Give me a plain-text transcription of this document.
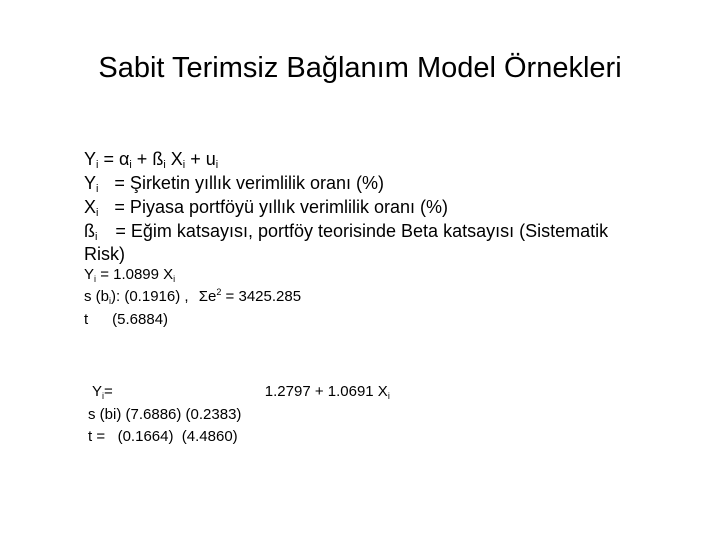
Sabit Terimsiz Bağlanım Model Örnekleri
$Y_i = \alpha_i$ + $ß_i$ $X_i + u_i$
$Y_i$ = Şirketin yıllık verimlilik oranı (%)
$X_i$ = Piyasa portföyü yıllık verimlilik oranı (%)
$ß_i$ = Eğim katsayısı, portföy teorisinde Beta katsayısı (Sistematik
Risk)
$Y_i = 1.0899$ $X_i$
s $(b_i)$: (0.1916) , $\Sigma e^2 = 3425.285$
t (5.6884)
$Y_i=$	1.2797 + 1.0691 $X_i$
s (bi) (7.6886) (0.2383)
t =   (0.1664)  (4.4860)
